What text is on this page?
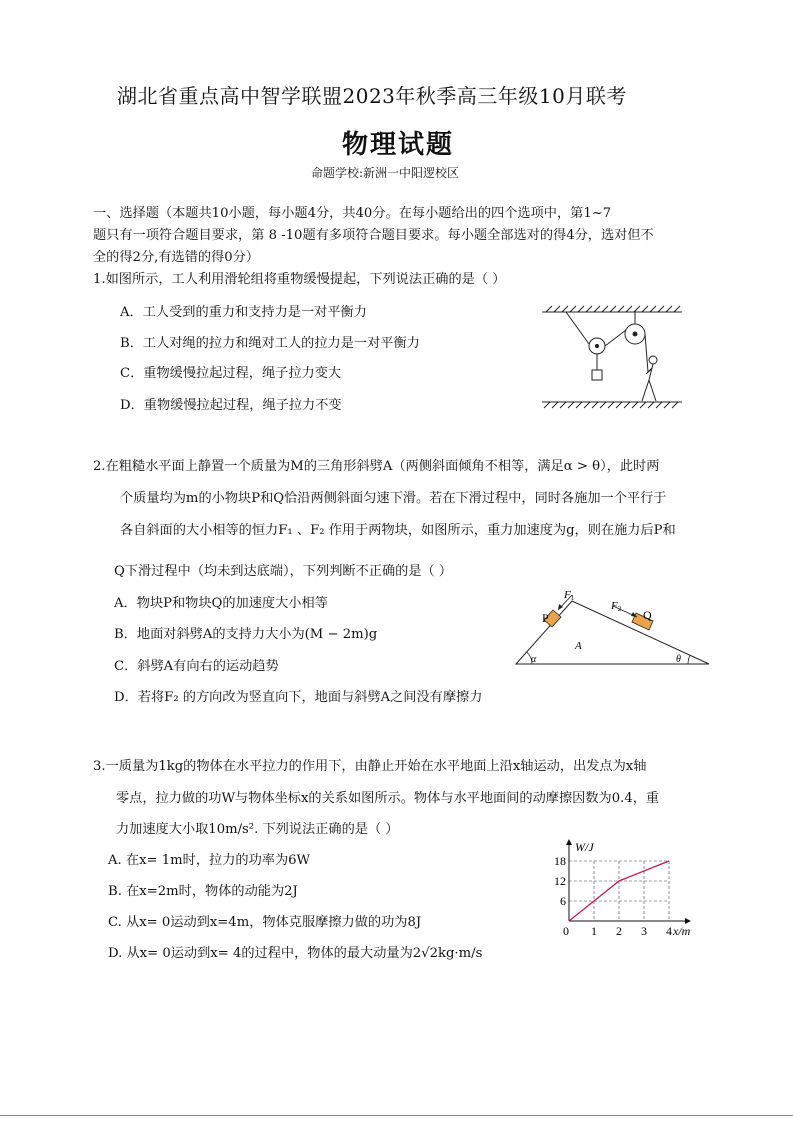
湖北省重点高中智学联盟2023年秋季高三年级10月联考
物理试题
命题学校:新洲一中阳逻校区
一、选择题（本题共10小题，每小题4分，共40分。在每小题给出的四个选项中，第1~7
题只有一项符合题目要求，第 8 -10题有多项符合题目要求。每小题全部选对的得4分，选对但不
全的得2分,有选错的得0分）
1.如图所示，工人利用滑轮组将重物缓慢提起，下列说法正确的是（ ）
A．工人受到的重力和支持力是一对平衡力
B．工人对绳的拉力和绳对工人的拉力是一对平衡力
C．重物缓慢拉起过程，绳子拉力变大
D．重物缓慢拉起过程，绳子拉力不变
2.在粗糙水平面上静置一个质量为M的三角形斜劈A（两侧斜面倾角不相等，满足α > θ），此时两
个质量均为m的小物块P和Q恰沿两侧斜面匀速下滑。若在下滑过程中，同时各施加一个平行于
各自斜面的大小相等的恒力F₁ 、F₂ 作用于两物块，如图所示，重力加速度为g，则在施力后P和
Q下滑过程中（均未到达底端），下列判断不正确的是（ ）
A．物块P和物块Q的加速度大小相等
B．地面对斜劈A的支持力大小为(M − 2m)g
C．斜劈A有向右的运动趋势
D．若将F₂ 的方向改为竖直向下，地面与斜劈A之间没有摩擦力
F1
F2
P	Q
A
α	θ
3.一质量为1kg的物体在水平拉力的作用下，由静止开始在水平地面上沿x轴运动，出发点为x轴
零点，拉力做的功W与物体坐标x的关系如图所示。物体与水平地面间的动摩擦因数为0.4，重
力加速度大小取10m/s². 下列说法正确的是（ ）
A. 在x= 1m时，拉力的功率为6W
B. 在x=2m时，物体的动能为2J
C. 从x= 0运动到x=4m，物体克服摩擦力做的功为8J
D. 从x= 0运动到x= 4的过程中，物体的最大动量为2√2kg·m/s
0 1 2 3 4
6
12
18
x/m
W/J
